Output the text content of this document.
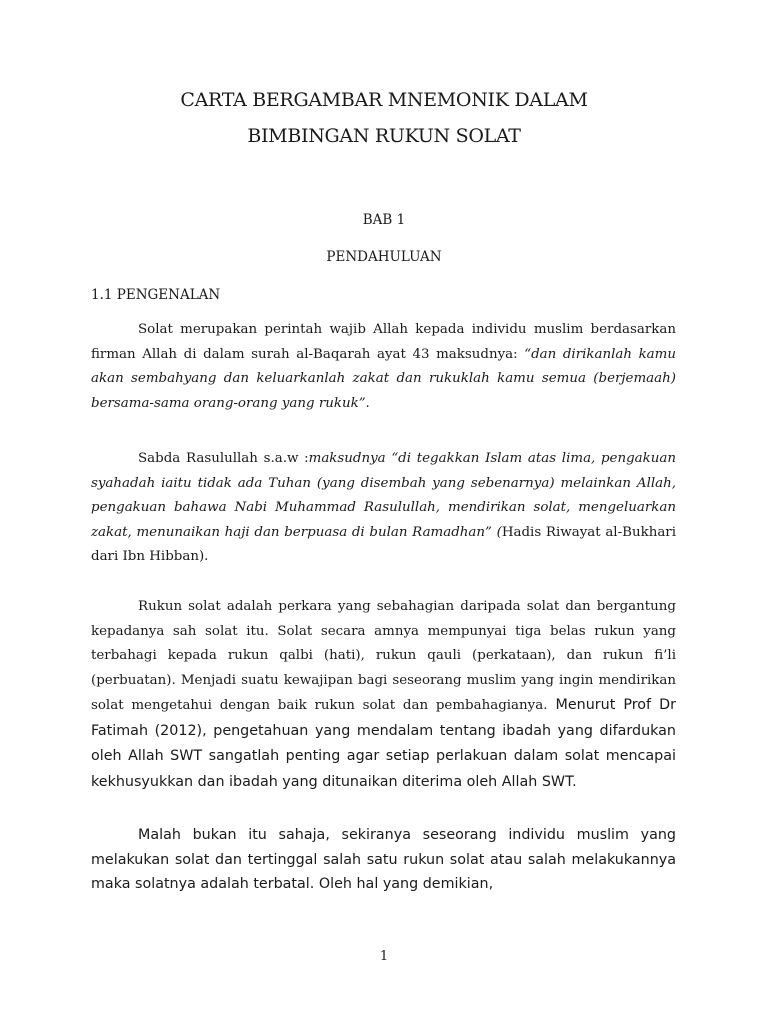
CARTA BERGAMBAR MNEMONIK DALAM
BIMBINGAN RUKUN SOLAT

BAB 1

PENDAHULUAN

1.1 PENGENALAN

Solat merupakan perintah wajib Allah kepada individu muslim berdasarkan firman Allah di dalam surah al-Baqarah ayat 43 maksudnya: “dan dirikanlah kamu akan sembahyang dan keluarkanlah zakat dan rukuklah kamu semua (berjemaah) bersama-sama orang-orang yang rukuk”.

Sabda Rasulullah s.a.w :maksudnya “di tegakkan Islam atas lima, pengakuan syahadah iaitu tidak ada Tuhan (yang disembah yang sebenarnya) melainkan Allah, pengakuan bahawa Nabi Muhammad Rasulullah, mendirikan solat, mengeluarkan zakat, menunaikan haji dan berpuasa di bulan Ramadhan” (Hadis Riwayat al-Bukhari dari Ibn Hibban).

Rukun solat adalah perkara yang sebahagian daripada solat dan bergantung kepadanya sah solat itu. Solat secara amnya mempunyai tiga belas rukun yang terbahagi kepada rukun qalbi (hati), rukun qauli (perkataan), dan rukun fi’li (perbuatan). Menjadi suatu kewajipan bagi seseorang muslim yang ingin mendirikan solat mengetahui dengan baik rukun solat dan pembahagianya. Menurut Prof Dr Fatimah (2012), pengetahuan yang mendalam tentang ibadah yang difardukan oleh Allah SWT sangatlah penting agar setiap perlakuan dalam solat mencapai kekhusyukkan dan ibadah yang ditunaikan diterima oleh Allah SWT.

Malah bukan itu sahaja, sekiranya seseorang individu muslim yang melakukan solat dan tertinggal salah satu rukun solat atau salah melakukannya maka solatnya adalah terbatal. Oleh hal yang demikian,

1
